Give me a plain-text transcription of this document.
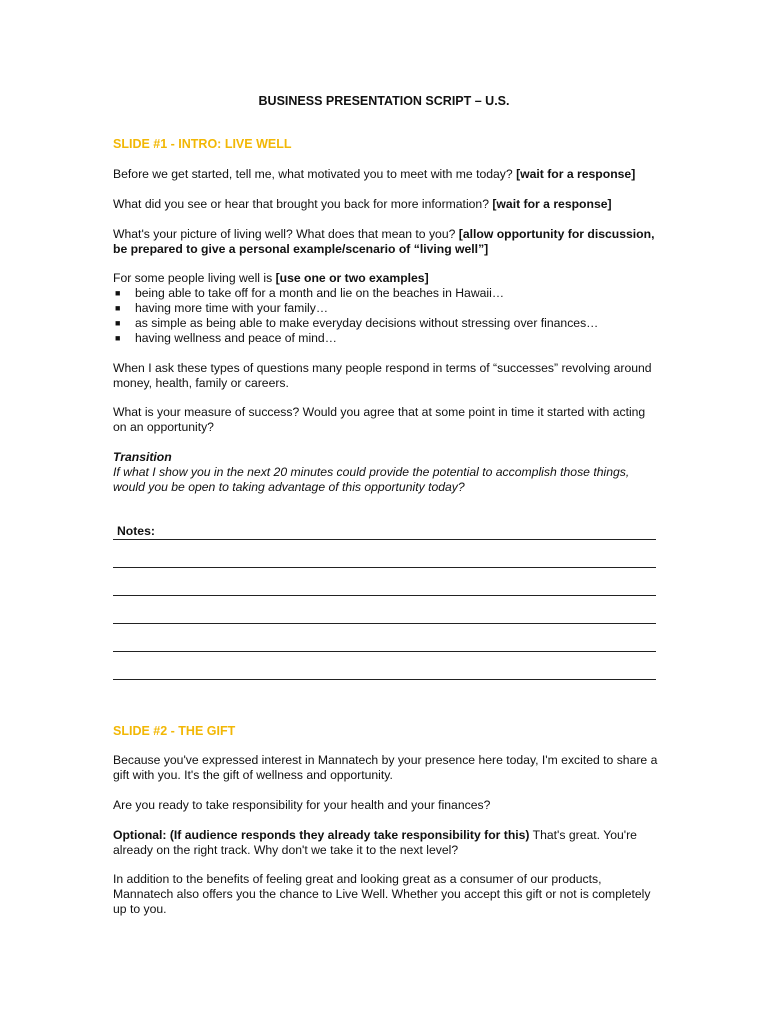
BUSINESS PRESENTATION SCRIPT – U.S.
SLIDE #1 - INTRO: LIVE WELL

Before we get started, tell me, what motivated you to meet with me today? [wait for a response]

What did you see or hear that brought you back for more information? [wait for a response]

What's your picture of living well? What does that mean to you? [allow opportunity for discussion, be prepared to give a personal example/scenario of “living well”]

For some people living well is [use one or two examples]
■ being able to take off for a month and lie on the beaches in Hawaii…
■ having more time with your family…
■ as simple as being able to make everyday decisions without stressing over finances…
■ having wellness and peace of mind…

When I ask these types of questions many people respond in terms of “successes” revolving around money, health, family or careers.

What is your measure of success? Would you agree that at some point in time it started with acting on an opportunity?

Transition

If what I show you in the next 20 minutes could provide the potential to accomplish those things, would you be open to taking advantage of this opportunity today?

Notes:
SLIDE #2 - THE GIFT

Because you've expressed interest in Mannatech by your presence here today, I'm excited to share a gift with you. It's the gift of wellness and opportunity.

Are you ready to take responsibility for your health and your finances?

Optional: (If audience responds they already take responsibility for this) That's great. You're already on the right track. Why don't we take it to the next level?

In addition to the benefits of feeling great and looking great as a consumer of our products, Mannatech also offers you the chance to Live Well. Whether you accept this gift or not is completely up to you.
